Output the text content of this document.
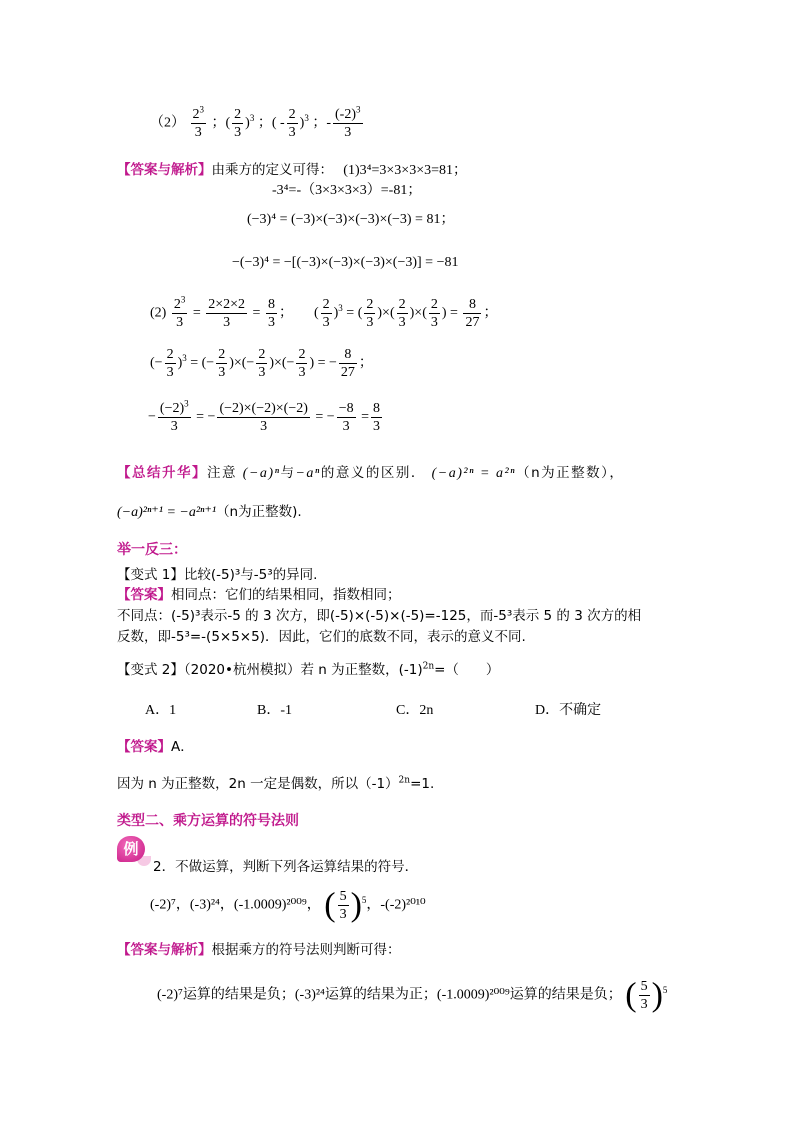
$(2) \frac{2^3}{3}$ ；( $\frac{2}{3} )^3$ ；( - $\frac{2}{3} )^3$ ；- $\frac{(-2)^3}{3}$
【答案与解析】由乘方的定义可得： (1)3⁴=3×3×3×3=81；
-3⁴=-（3×3×3×3）=-81；
(−3)⁴ = (−3)×(−3)×(−3)×(−3) = 81；
−(−3)⁴ = −[(−3)×(−3)×(−3)×(−3)] = −81
$(2) \frac{2^3}{3} = \frac{2\times 2\times 2}{3} = \frac{8}{3}$ ； ( $\frac{2}{3} )^3$ = ( $\frac{2}{3}$ )×( $\frac{2}{3}$ )×( $\frac{2}{3}$ ) = $\frac{8}{27}$ ；
(− $\frac{2}{3} )^3$ = (− $\frac{2}{3}$ )×(− $\frac{2}{3}$ )×(− $\frac{2}{3}$ ) = − $\frac{8}{27}$ ；
− $\frac{(-2)^3}{3}$ = − $\frac{(-2)\times(-2)\times(-2)}{3}$ = − $\frac{-8}{3} = \frac{8}{3}$
【总结升华】注意 (−a)ⁿ与−aⁿ的意义的区别． (−a)²ⁿ = a²ⁿ（n为正整数），
(−a)²ⁿ⁺¹ = −a²ⁿ⁺¹（n为正整数).
举一反三：
【变式 1】比较(-5)³与-5³的异同.
【答案】相同点：它们的结果相同，指数相同；
不同点：(-5)³表示-5 的 3 次方，即(-5)×(-5)×(-5)=-125，而-5³表示 5 的 3 次方的相
反数，即-5³=-(5×5×5)．因此，它们的底数不同，表示的意义不同.
【变式 2】（2020•杭州模拟）若 n 为正整数，$(-1)^{2n}=$（　　）
A．1	B．-1	C．2n	D．不确定
【答案】A．
因为 n 为正整数，2n 一定是偶数，所以$(-1)^{2n}=1$.
类型二、乘方运算的符号法则
例
2．不做运算，判断下列各运算结果的符号．
(-2)⁷，(-3)²⁴，(-1.0009)²⁰⁰⁹， ( $\frac{5}{3} )^5$，-(-2)²⁰¹⁰
【答案与解析】根据乘方的符号法则判断可得：
(-2)⁷运算的结果是负；(-3)²⁴运算的结果为正；(-1.0009)²⁰⁰⁹运算的结果是负； ( $\frac{5}{3} )^5$
